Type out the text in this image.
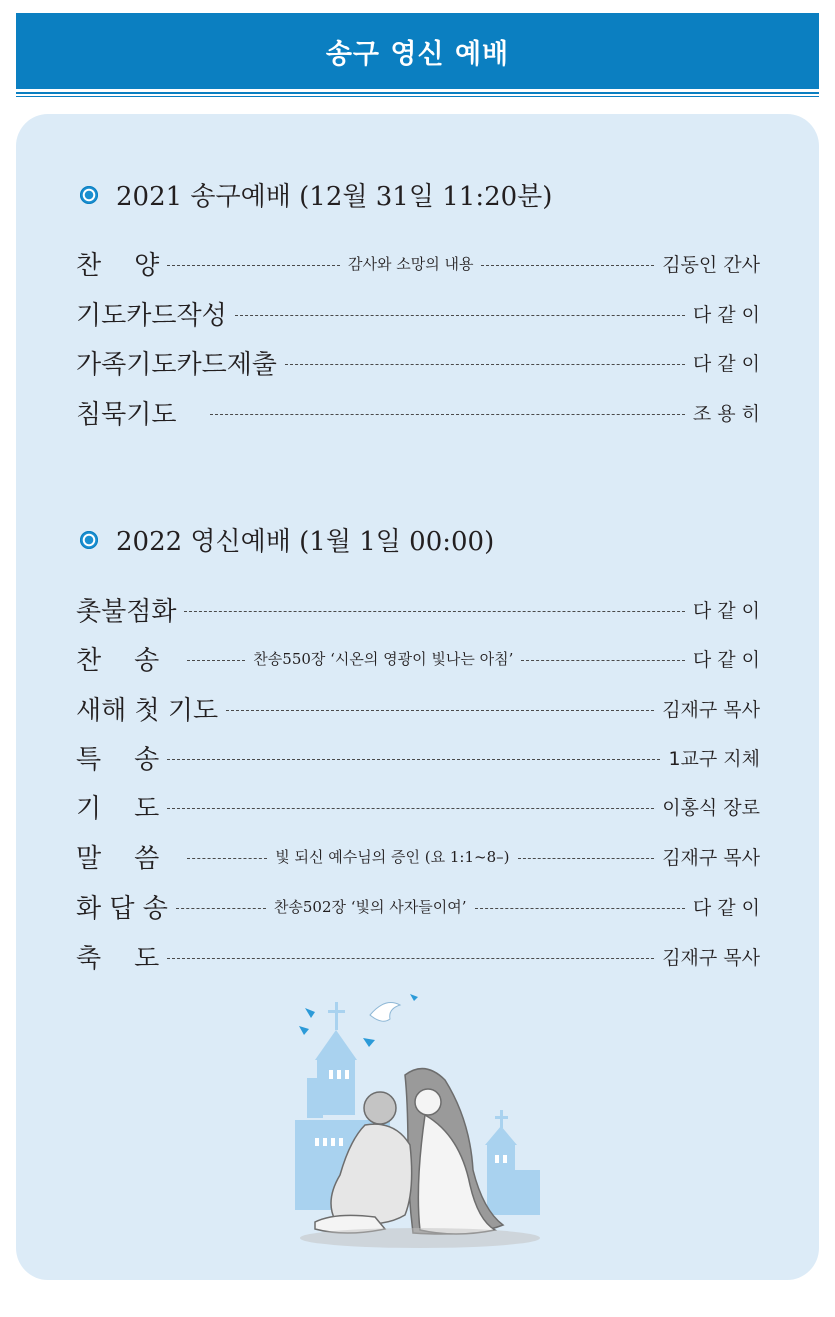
송구 영신 예배
2021 송구예배 (12월 31일 11:20분)
찬    양	감사와 소망의 내용	김동인 간사
기도카드작성	다 같 이
가족기도카드제출	다 같 이
침묵기도	조 용 히
2022 영신예배 (1월 1일 00:00)
촛불점화	다 같 이
찬    송	찬송550장 ‘시온의 영광이 빛나는 아침’	다 같 이
새해 첫 기도	김재구 목사
특    송	1교구 지체
기    도	이홍식 장로
말    씀	빛 되신 예수님의 증인 (요 1:1~8–)	김재구 목사
화 답 송	찬송502장 ‘빛의 사자들이여’	다 같 이
축    도	김재구 목사
